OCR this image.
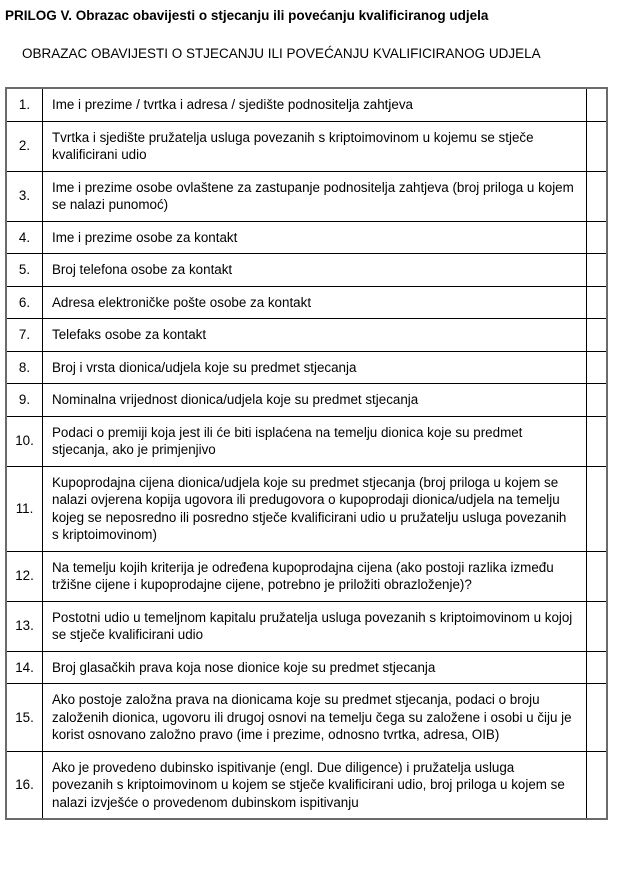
PRILOG V. Obrazac obavijesti o stjecanju ili povećanju kvalificiranog udjela
OBRAZAC OBAVIJESTI O STJECANJU ILI POVEĆANJU KVALIFICIRANOG UDJELA
1.	Ime i prezime / tvrtka i adresa / sjedište podnositelja zahtjeva	
2.	Tvrtka i sjedište pružatelja usluga povezanih s kriptoimovinom u kojemu se stječe kvalificirani udio	
3.	Ime i prezime osobe ovlaštene za zastupanje podnositelja zahtjeva (broj priloga u kojem se nalazi punomoć)	
4.	Ime i prezime osobe za kontakt	
5.	Broj telefona osobe za kontakt	
6.	Adresa elektroničke pošte osobe za kontakt	
7.	Telefaks osobe za kontakt	
8.	Broj i vrsta dionica/udjela koje su predmet stjecanja	
9.	Nominalna vrijednost dionica/udjela koje su predmet stjecanja	
10.	Podaci o premiji koja jest ili će biti isplaćena na temelju dionica koje su predmet stjecanja, ako je primjenjivo	
11.	Kupoprodajna cijena dionica/udjela koje su predmet stjecanja (broj priloga u kojem se nalazi ovjerena kopija ugovora ili predugovora o kupoprodaji dionica/udjela na temelju kojeg se neposredno ili posredno stječe kvalificirani udio u pružatelju usluga povezanih s kriptoimovinom)	
12.	Na temelju kojih kriterija je određena kupoprodajna cijena (ako postoji razlika između tržišne cijene i kupoprodajne cijene, potrebno je priložiti obrazloženje)?	
13.	Postotni udio u temeljnom kapitalu pružatelja usluga povezanih s kriptoimovinom u kojoj se stječe kvalificirani udio	
14.	Broj glasačkih prava koja nose dionice koje su predmet stjecanja	
15.	Ako postoje založna prava na dionicama koje su predmet stjecanja, podaci o broju založenih dionica, ugovoru ili drugoj osnovi na temelju čega su založene i osobi u čiju je korist osnovano založno pravo (ime i prezime, odnosno tvrtka, adresa, OIB)	
16.	Ako je provedeno dubinsko ispitivanje (engl. Due diligence) i pružatelja usluga povezanih s kriptoimovinom u kojem se stječe kvalificirani udio, broj priloga u kojem se nalazi izvješće o provedenom dubinskom ispitivanju	
